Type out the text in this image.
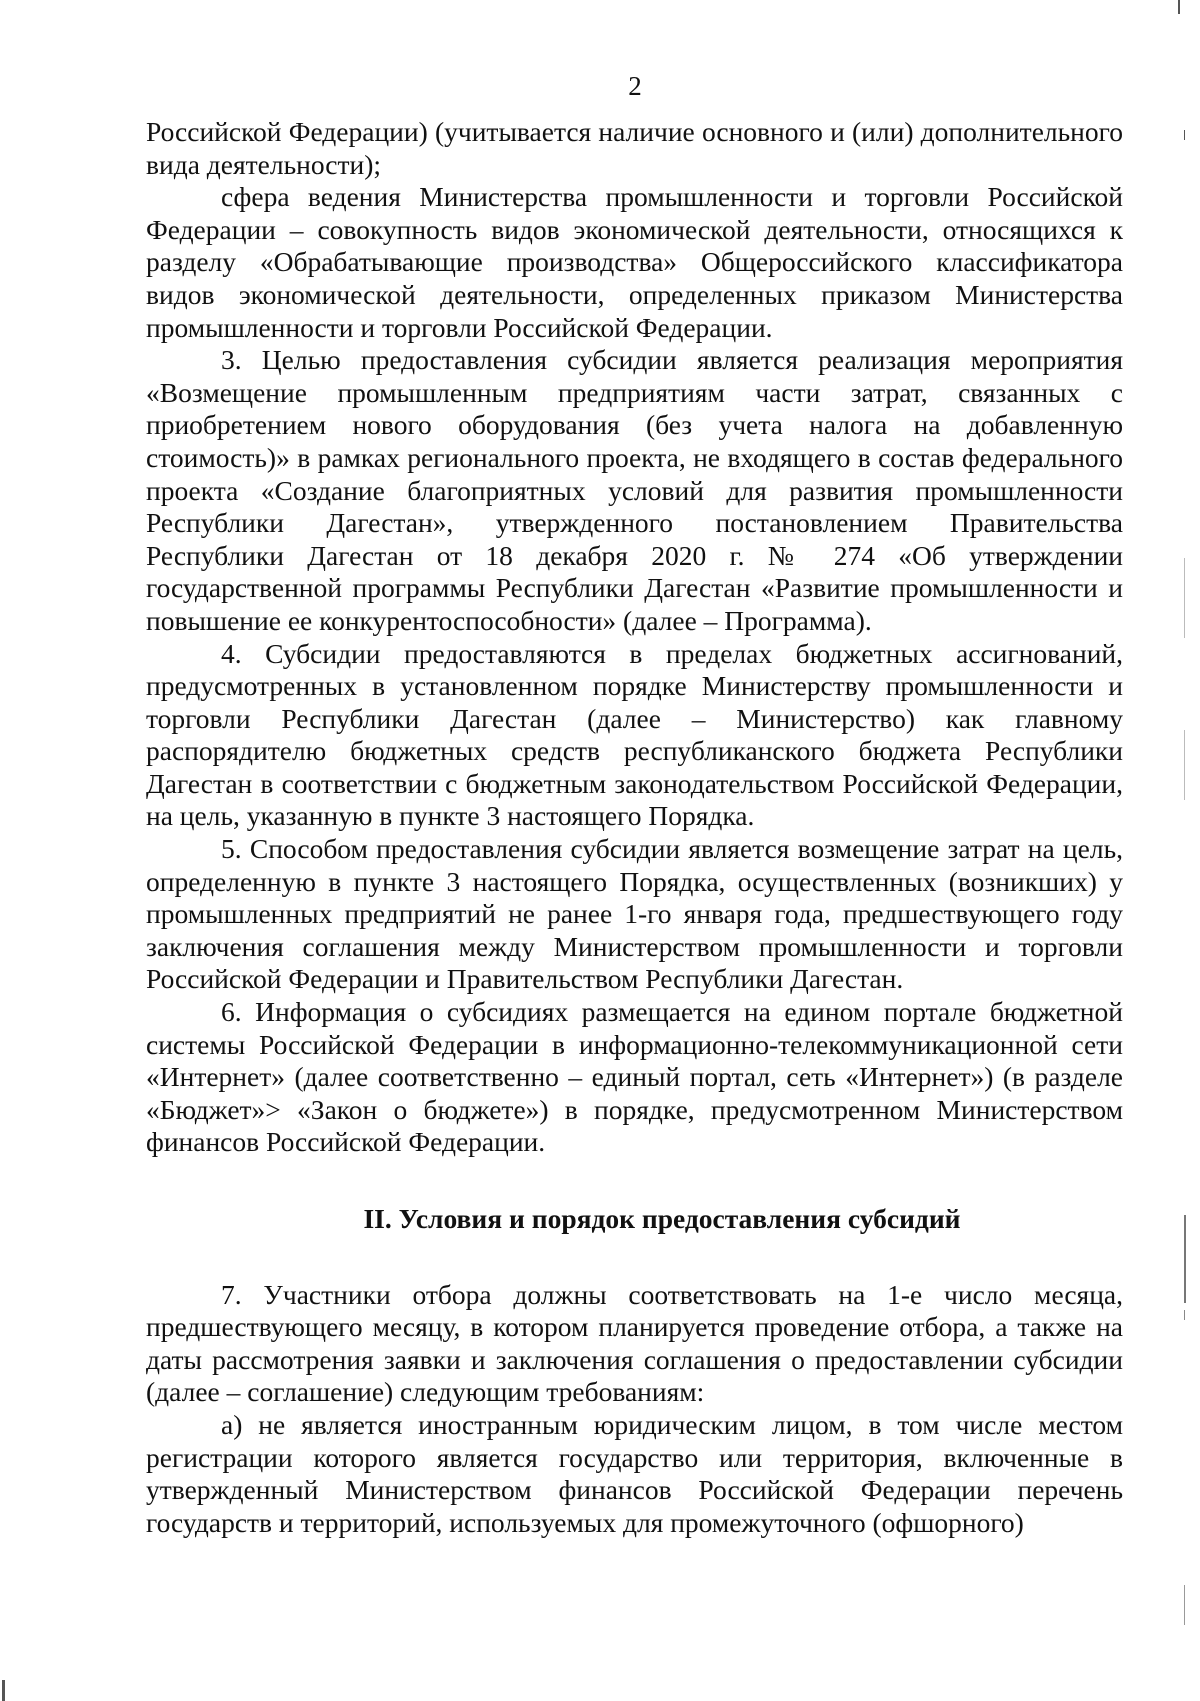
2

Российской Федерации) (учитывается наличие основного и (или) дополнительного вида деятельности);

сфера ведения Министерства промышленности и торговли Российской Федерации – совокупность видов экономической деятельности, относящихся к разделу «Обрабатывающие производства» Общероссийского классификатора видов экономической деятельности, определенных приказом Министерства промышленности и торговли Российской Федерации.

3. Целью предоставления субсидии является реализация мероприятия «Возмещение промышленным предприятиям части затрат, связанных с приобретением нового оборудования (без учета налога на добавленную стоимость)» в рамках регионального проекта, не входящего в состав федерального проекта «Создание благоприятных условий для развития промышленности Республики Дагестан», утвержденного постановлением Правительства Республики Дагестан от 18 декабря 2020 г. № 274 «Об утверждении государственной программы Республики Дагестан «Развитие промышленности и повышение ее конкурентоспособности» (далее – Программа).

4. Субсидии предоставляются в пределах бюджетных ассигнований, предусмотренных в установленном порядке Министерству промышленности и торговли Республики Дагестан (далее – Министерство) как главному распорядителю бюджетных средств республиканского бюджета Республики Дагестан в соответствии с бюджетным законодательством Российской Федерации, на цель, указанную в пункте 3 настоящего Порядка.

5. Способом предоставления субсидии является возмещение затрат на цель, определенную в пункте 3 настоящего Порядка, осуществленных (возникших) у промышленных предприятий не ранее 1-го января года, предшествующего году заключения соглашения между Министерством промышленности и торговли Российской Федерации и Правительством Республики Дагестан.

6. Информация о субсидиях размещается на едином портале бюджетной системы Российской Федерации в информационно-телекоммуникационной сети «Интернет» (далее соответственно – единый портал, сеть «Интернет») (в разделе «Бюджет»> «Закон о бюджете») в порядке, предусмотренном Министерством финансов Российской Федерации.

II. Условия и порядок предоставления субсидий

7. Участники отбора должны соответствовать на 1-е число месяца, предшествующего месяцу, в котором планируется проведение отбора, а также на даты рассмотрения заявки и заключения соглашения о предоставлении субсидии (далее – соглашение) следующим требованиям:

а) не является иностранным юридическим лицом, в том числе местом регистрации которого является государство или территория, включенные в утвержденный Министерством финансов Российской Федерации перечень государств и территорий, используемых для промежуточного (офшорного)
